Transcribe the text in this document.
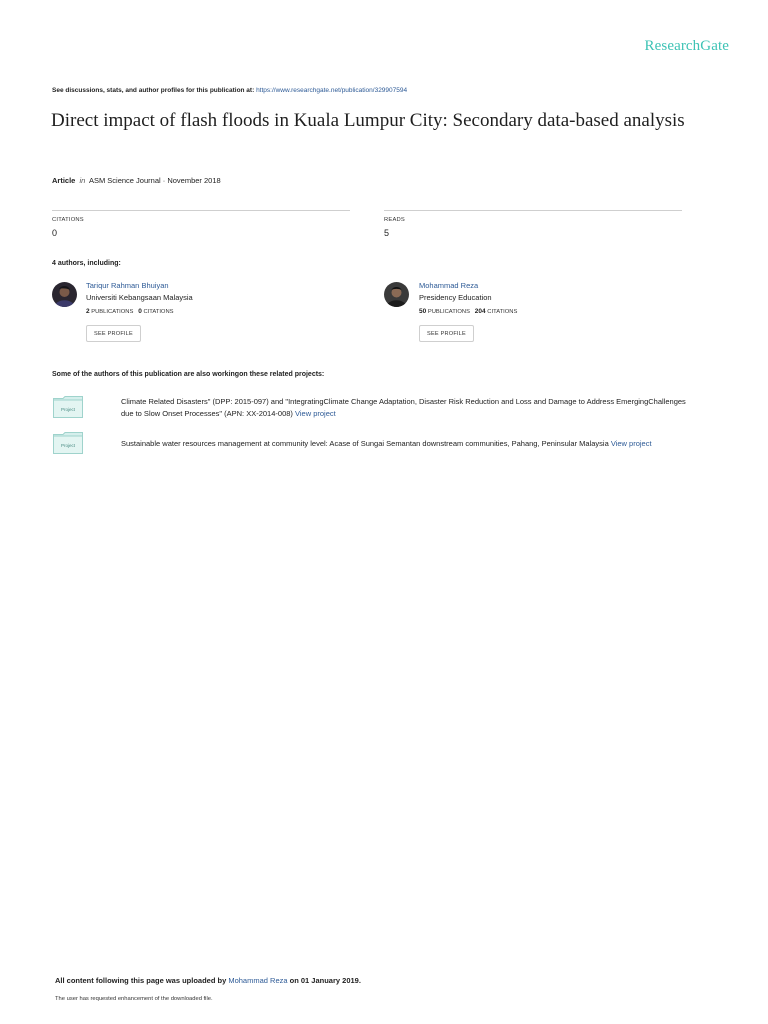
ResearchGate
See discussions, stats, and author profiles for this publication at: https://www.researchgate.net/publication/329907594
Direct impact of flash floods in Kuala Lumpur City: Secondary data-based analysis
Article in ASM Science Journal · November 2018
CITATIONS
0
READS
5
4 authors, including:
Tariqur Rahman Bhuiyan
Universiti Kebangsaan Malaysia
2 PUBLICATIONS 0 CITATIONS
SEE PROFILE
Mohammad Reza
Presidency Education
50 PUBLICATIONS 204 CITATIONS
SEE PROFILE
Some of the authors of this publication are also workingon these related projects:
Project
Climate Related Disasters" (DPP: 2015-097) and "IntegratingClimate Change Adaptation, Disaster Risk Reduction and Loss and Damage to Address EmergingChallenges
due to Slow Onset Processes" (APN: XX-2014-008) View project
Project	Sustainable water resources management at community level: Acase of Sungai Semantan downstream communities, Pahang, Peninsular Malaysia View project
All content following this page was uploaded by Mohammad Reza on 01 January 2019.
The user has requested enhancement of the downloaded file.
